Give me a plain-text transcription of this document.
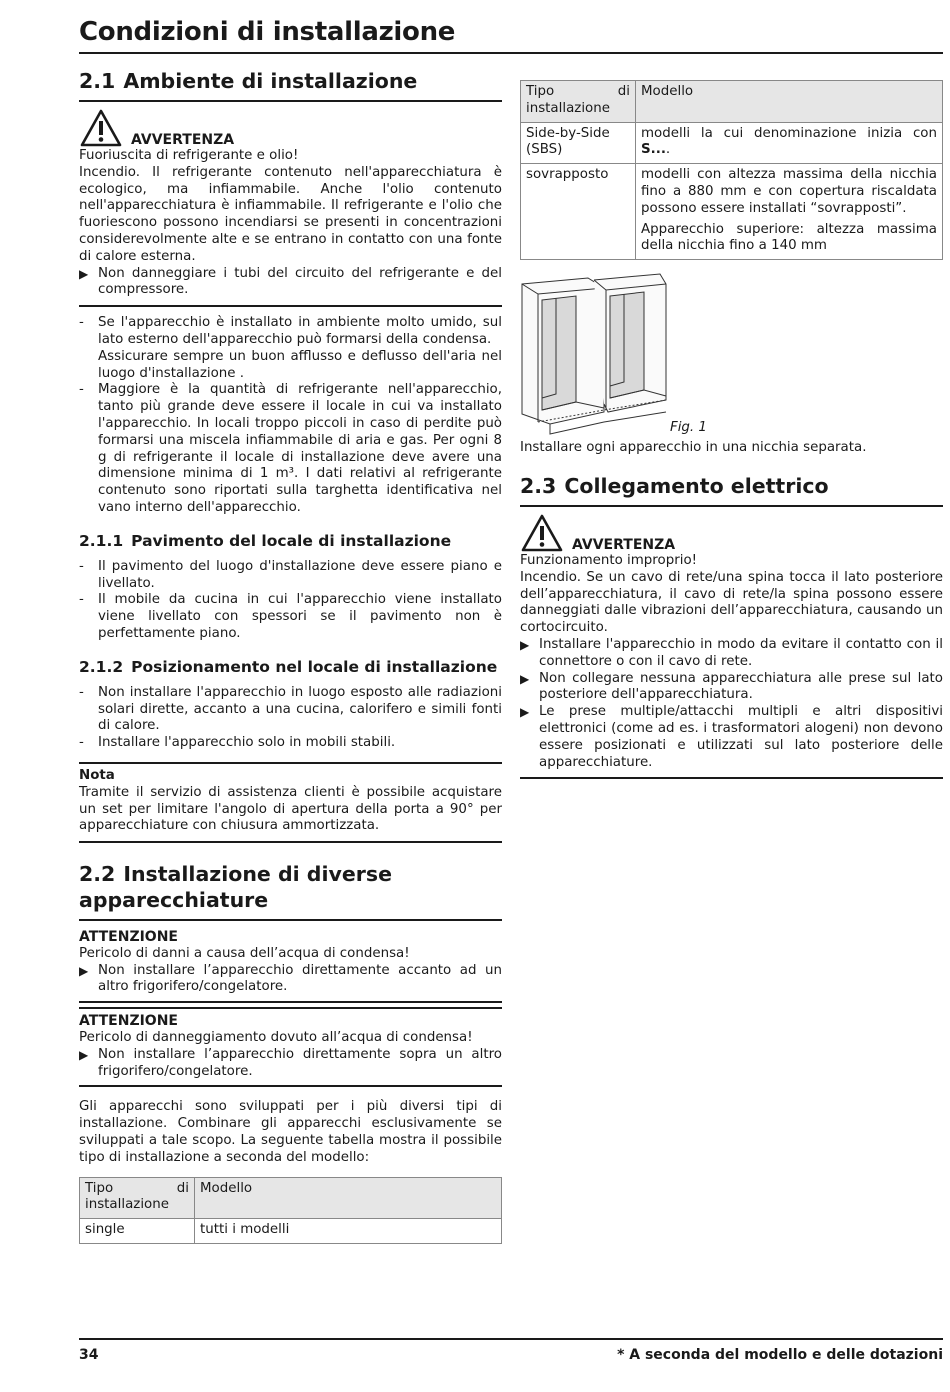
Condizioni di installazione
2.1 Ambiente di installazione
AVVERTENZA

Fuoriuscita di refrigerante e olio!

Incendio. Il refrigerante contenuto nell'apparecchiatura è ecologico, ma infiammabile. Anche l'olio contenuto nell'apparecchiatura è infiammabile. Il refrigerante e l'olio che fuoriescono possono incendiarsi se presenti in concentrazioni considerevolmente alte e se entrano in contatto con una fonte di calore esterna.

▶ Non danneggiare i tubi del circuito del refrigerante e del compressore.
-	Se l'apparecchio è installato in ambiente molto umido, sul lato esterno dell'apparecchio può formarsi della condensa.
Assicurare sempre un buon afflusso e deflusso dell'aria nel luogo d'installazione .
-	Maggiore è la quantità di refrigerante nell'apparecchio, tanto più grande deve essere il locale in cui va installato l'apparecchio. In locali troppo piccoli in caso di perdite può formarsi una miscela infiammabile di aria e gas. Per ogni 8 g di refrigerante il locale di installazione deve avere una dimensione minima di 1 m³. I dati relativi al refrigerante contenuto sono riportati sulla targhetta identificativa nel vano interno dell'apparecchio.
2.1.1 Pavimento del locale di installazione
-	Il pavimento del luogo d'installazione deve essere piano e livellato.
-	Il mobile da cucina in cui l'apparecchio viene installato viene livellato con spessori se il pavimento non è perfettamente piano.
2.1.2 Posizionamento nel locale di installazione
-	Non installare l'apparecchio in luogo esposto alle radiazioni solari dirette, accanto a una cucina, calorifero e simili fonti di calore.
-	Installare l'apparecchio solo in mobili stabili.
Nota

Tramite il servizio di assistenza clienti è possibile acquistare un set per limitare l'angolo di apertura della porta a 90° per apparecchiature con chiusura ammortizzata.

2.2 Installazione di diverse apparecchiature
ATTENZIONE

Pericolo di danni a causa dell’acqua di condensa!

▶ Non installare l’apparecchio direttamente accanto ad un altro frigorifero/congelatore.
ATTENZIONE

Pericolo di danneggiamento dovuto all’acqua di condensa!

▶ Non installare l’apparecchio direttamente sopra un altro frigorifero/congelatore.

Gli apparecchi sono sviluppati per i più diversi tipi di installazione. Combinare gli apparecchi esclusivamente se sviluppati a tale scopo. La seguente tabella mostra il possibile tipo di installazione a seconda del modello:

Tipo di installazione	Modello
single	tutti i modelli
Tipo di installazione	Modello
Side-by-Side (SBS)	modelli la cui denominazione inizia con S....
sovrapposto	modelli con altezza massima della nicchia fino a 880 mm e con copertura riscaldata possono essere installati “sovrapposti”.
Apparecchio superiore: altezza massima della nicchia fino a 140 mm
Fig. 1

Installare ogni apparecchio in una nicchia separata.

2.3 Collegamento elettrico
AVVERTENZA

Funzionamento improprio!

Incendio. Se un cavo di rete/una spina tocca il lato posteriore dell’apparecchiatura, il cavo di rete/la spina possono essere danneggiati dalle vibrazioni dell’apparecchiatura, causando un cortocircuito.

▶ Installare l'apparecchio in modo da evitare il contatto con il connettore o con il cavo di rete.
▶ Non collegare nessuna apparecchiatura alle prese sul lato posteriore dell'apparecchiatura.
▶ Le prese multiple/attacchi multipli e altri dispositivi elettronici (come ad es. i trasformatori alogeni) non devono essere posizionati e utilizzati sul lato posteriore delle apparecchiature.
34	* A seconda del modello e delle dotazioni
